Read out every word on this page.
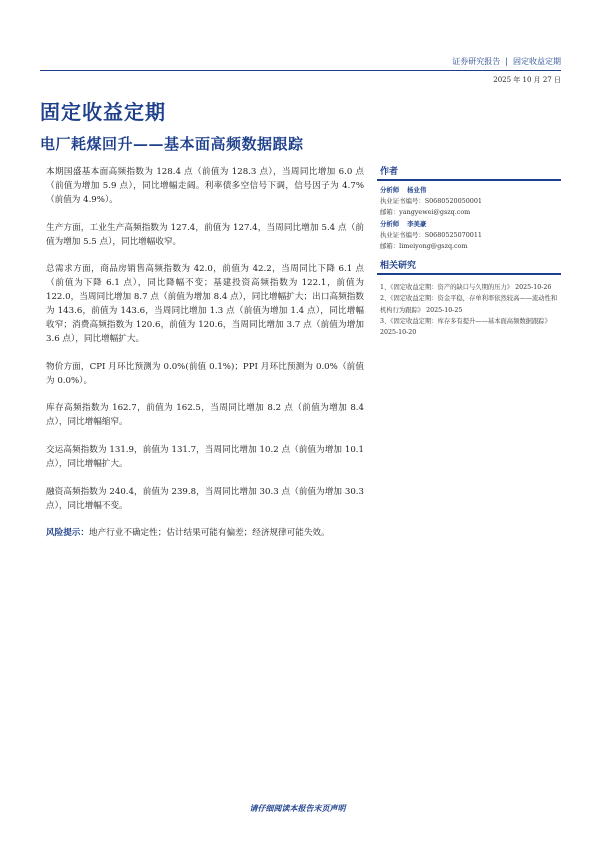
证券研究报告 | 固定收益定期
2025 年 10 月 27 日
固定收益定期
电厂耗煤回升——基本面高频数据跟踪

本期国盛基本面高频指数为 128.4 点（前值为 128.3 点），当周同比增加 6.0 点（前值为增加 5.9 点），同比增幅走阔。利率债多空信号下调，信号因子为 4.7%（前值为 4.9%）。

生产方面，工业生产高频指数为 127.4，前值为 127.4，当周同比增加 5.4 点（前值为增加 5.5 点），同比增幅收窄。

总需求方面，商品房销售高频指数为 42.0，前值为 42.2，当周同比下降 6.1 点（前值为下降 6.1 点），同比降幅不变；基建投资高频指数为 122.1，前值为 122.0，当周同比增加 8.7 点（前值为增加 8.4 点），同比增幅扩大；出口高频指数为 143.6，前值为 143.6，当周同比增加 1.3 点（前值为增加 1.4 点），同比增幅收窄；消费高频指数为 120.6，前值为 120.6，当周同比增加 3.7 点（前值为增加 3.6 点），同比增幅扩大。

物价方面，CPI 月环比预测为 0.0%(前值 0.1%)；PPI 月环比预测为 0.0%（前值为 0.0%）。

库存高频指数为 162.7，前值为 162.5，当周同比增加 8.2 点（前值为增加 8.4 点），同比增幅缩窄。

交运高频指数为 131.9，前值为 131.7，当周同比增加 10.2 点（前值为增加 10.1 点），同比增幅扩大。

融资高频指数为 240.4，前值为 239.8，当周同比增加 30.3 点（前值为增加 30.3 点），同比增幅不变。

风险提示：地产行业不确定性；估计结果可能有偏差；经济规律可能失效。

作者
分析师 杨业伟
执业证书编号：S0680520050001
邮箱：yangyewei@gszq.com
分析师 李美豪
执业证书编号：S0680525070011
邮箱：limeiyong@gszq.com
相关研究
1、《固定收益定期：资产的缺口与久期的压力》 2025-10-26
2、《固定收益定期：资金平稳，存单利率依然较高——流动性和机构行为跟踪》 2025-10-25
3、《固定收益定期：库存多有提升——基本面高频数据跟踪》 2025-10-20
请仔细阅读本报告末页声明
